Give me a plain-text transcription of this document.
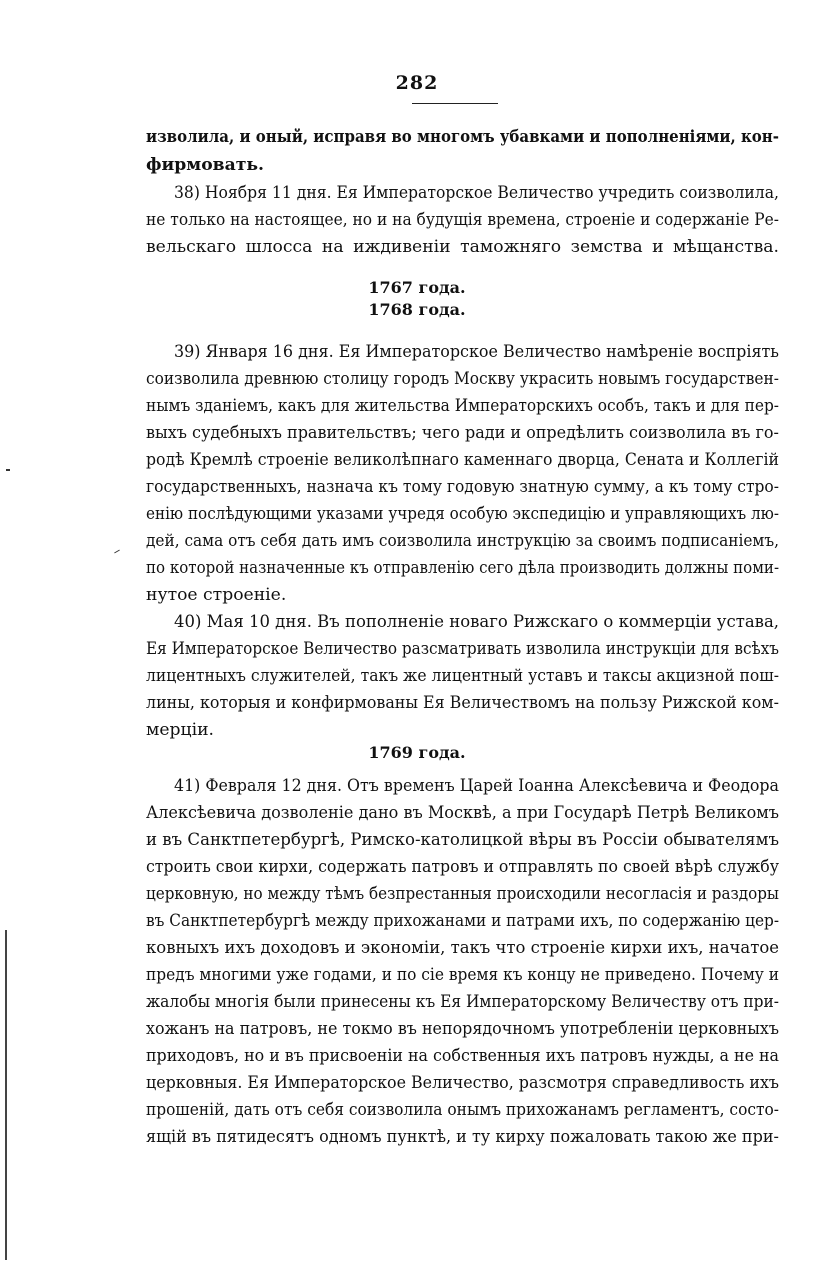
282
изволила, и оный, исправя во многомъ убавками и пополненіями, кон-
фирмовать.
38) Ноября 11 дня. Ея Императорское Величество учредить соизволила,
не только на настоящее, но и на будущія времена, строеніе и содержаніе Ре-
вельскаго шлосса на иждивеніи таможняго земства и мѣщанства.
1767 года.
1768 года.
39) Января 16 дня. Ея Императорское Величество намѣреніе воспріять
соизволила древнюю столицу городъ Москву украсить новымъ государствен-
нымъ зданіемъ, какъ для жительства Императорскихъ особъ, такъ и для пер-
выхъ судебныхъ правительствъ; чего ради и опредѣлить соизволила въ го-
родѣ Кремлѣ строеніе великолѣпнаго каменнаго дворца, Сената и Коллегій
государственныхъ, назнача къ тому годовую знатную сумму, а къ тому стро-
енію послѣдующими указами учредя особую экспедицію и управляющихъ лю-
дей, сама отъ себя дать имъ соизволила инструкцію за своимъ подписаніемъ,
по которой назначенные къ отправленію сего дѣла производить должны поми-
нутое строеніе.
40) Мая 10 дня. Въ пополненіе новаго Рижскаго о коммерціи устава,
Ея Императорское Величество разсматривать изволила инструкціи для всѣхъ
лицентныхъ служителей, такъ же лицентный уставъ и таксы акцизной пош-
лины, которыя и конфирмованы Ея Величествомъ на пользу Рижской ком-
мерціи.
1769 года.
41) Февраля 12 дня. Отъ временъ Царей Іоанна Алексѣевича и Феодора
Алексѣевича дозволеніе дано въ Москвѣ, а при Государѣ Петрѣ Великомъ
и въ Санктпетербургѣ, Римско-католицкой вѣры въ Россіи обывателямъ
строить свои кирхи, содержать патровъ и отправлять по своей вѣрѣ службу
церковную, но между тѣмъ безпрестанныя происходили несогласія и раздоры
въ Санктпетербургѣ между прихожанами и патрами ихъ, по содержанію цер-
ковныхъ ихъ доходовъ и экономіи, такъ что строеніе кирхи ихъ, начатое
предъ многими уже годами, и по сіе время къ концу не приведено. Почему и
жалобы многія были принесены къ Ея Императорскому Величеству отъ при-
хожанъ на патровъ, не токмо въ непорядочномъ употребленіи церковныхъ
приходовъ, но и въ присвоеніи на собственныя ихъ патровъ нужды, а не на
церковныя. Ея Императорское Величество, разсмотря справедливость ихъ
прошеній, дать отъ себя соизволила онымъ прихожанамъ регламентъ, состо-
ящій въ пятидесятъ одномъ пунктѣ, и ту кирху пожаловать такою же при-
